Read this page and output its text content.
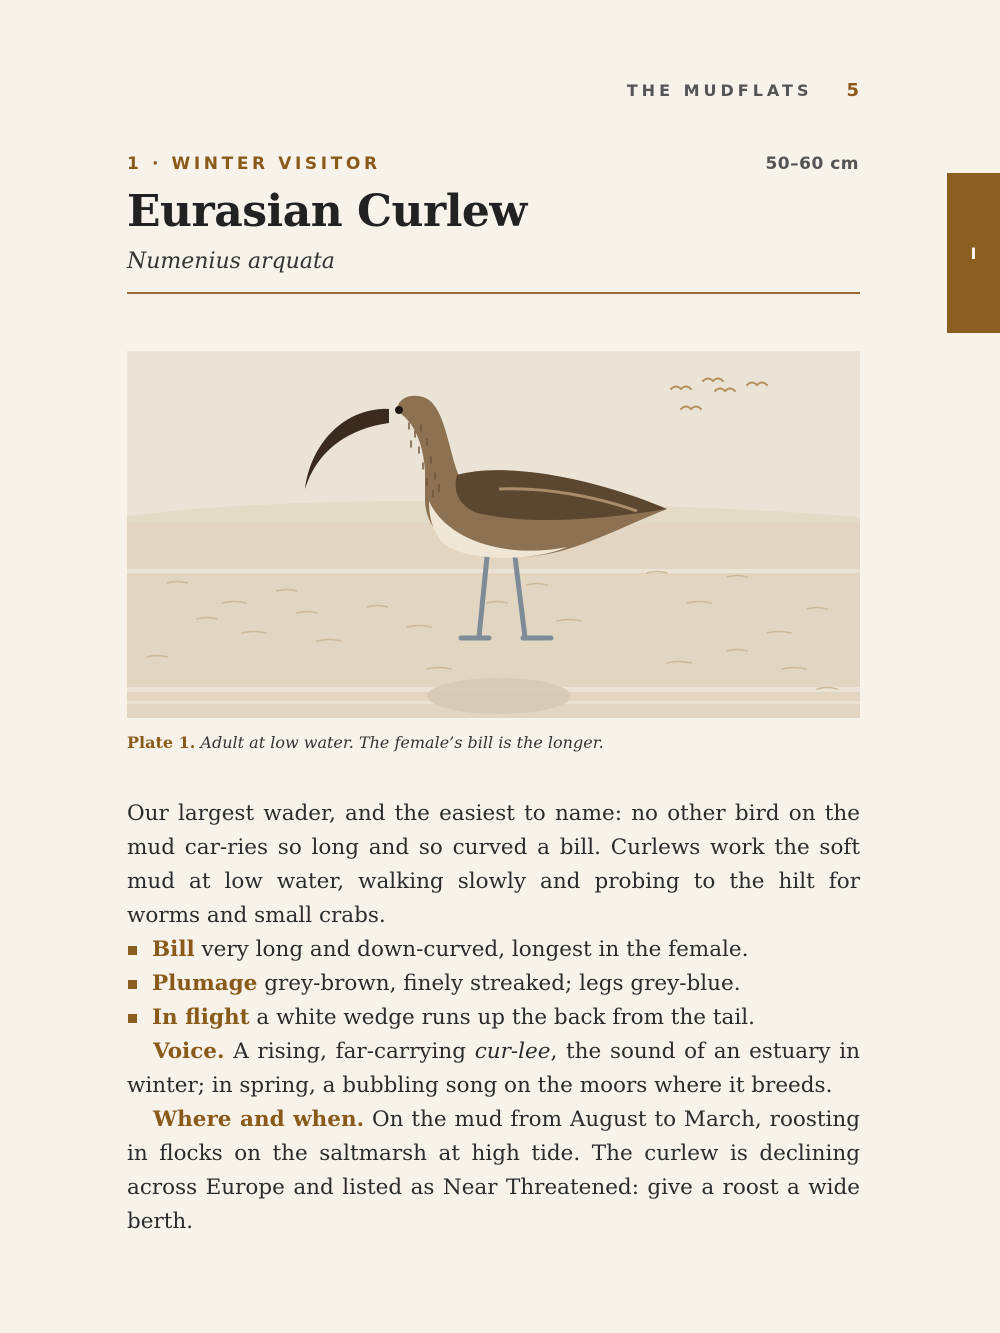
THE MUDFLATS 5
I
1 · WINTER VISITOR	50–60 cm
Eurasian Curlew
Numenius arquata
Plate 1. Adult at low water. The female’s bill is the longer.

Our largest wader, and the easiest to name: no other bird on the mud car-ries so long and so curved a bill. Curlews work the soft mud at low water, walking slowly and probing to the hilt for worms and small crabs.

Bill very long and down-curved, longest in the female.
Plumage grey-brown, finely streaked; legs grey-blue.
In flight a white wedge runs up the back from the tail.

Voice. A rising, far-carrying cur-lee, the sound of an estuary in winter; in spring, a bubbling song on the moors where it breeds.

Where and when. On the mud from August to March, roosting in flocks on the saltmarsh at high tide. The curlew is declining across Europe and listed as Near Threatened: give a roost a wide berth.
